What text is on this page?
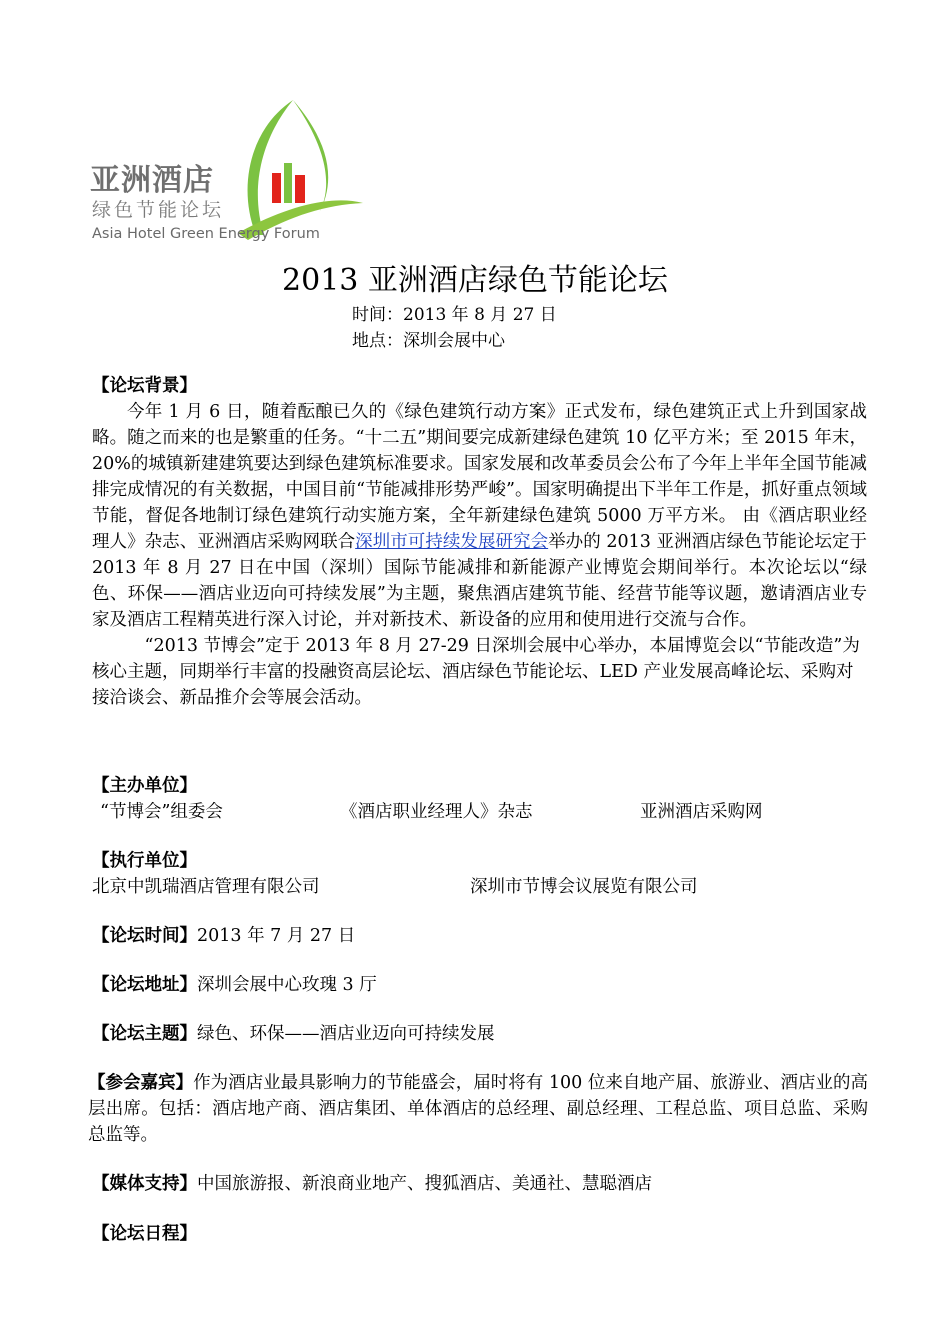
亚洲酒店
绿色节能论坛
Asia Hotel Green Energy Forum
2013 亚洲酒店绿色节能论坛
时间：2013 年 8 月 27 日
地点：深圳会展中心
【论坛背景】

今年 1 月 6 日，随着酝酿已久的《绿色建筑行动方案》正式发布，绿色建筑正式上升到国家战略。随之而来的也是繁重的任务。“十二五”期间要完成新建绿色建筑 10 亿平方米；至 2015 年末，20%的城镇新建建筑要达到绿色建筑标准要求。国家发展和改革委员会公布了今年上半年全国节能减排完成情况的有关数据，中国目前“节能减排形势严峻”。国家明确提出下半年工作是，抓好重点领域节能，督促各地制订绿色建筑行动实施方案，全年新建绿色建筑 5000 万平方米。 由《酒店职业经理人》杂志、亚洲酒店采购网联合深圳市可持续发展研究会举办的 2013 亚洲酒店绿色节能论坛定于 2013 年 8 月 27 日在中国（深圳）国际节能减排和新能源产业博览会期间举行。本次论坛以“绿色、环保——酒店业迈向可持续发展”为主题，聚焦酒店建筑节能、经营节能等议题，邀请酒店业专家及酒店工程精英进行深入讨论，并对新技术、新设备的应用和使用进行交流与合作。

“2013 节博会”定于 2013 年 8 月 27-29 日深圳会展中心举办，本届博览会以“节能改造”为核心主题，同期举行丰富的投融资高层论坛、酒店绿色节能论坛、LED 产业发展高峰论坛、采购对接洽谈会、新品推介会等展会活动。

【主办单位】
“节博会”组委会	《酒店职业经理人》杂志	亚洲酒店采购网
【执行单位】
北京中凯瑞酒店管理有限公司	深圳市节博会议展览有限公司
【论坛时间】2013 年 7 月 27 日
【论坛地址】深圳会展中心玫瑰 3 厅
【论坛主题】绿色、环保——酒店业迈向可持续发展
【参会嘉宾】作为酒店业最具影响力的节能盛会，届时将有 100 位来自地产届、旅游业、酒店业的高层出席。包括：酒店地产商、酒店集团、单体酒店的总经理、副总经理、工程总监、项目总监、采购总监等。
【媒体支持】中国旅游报、新浪商业地产、搜狐酒店、美通社、慧聪酒店
【论坛日程】
